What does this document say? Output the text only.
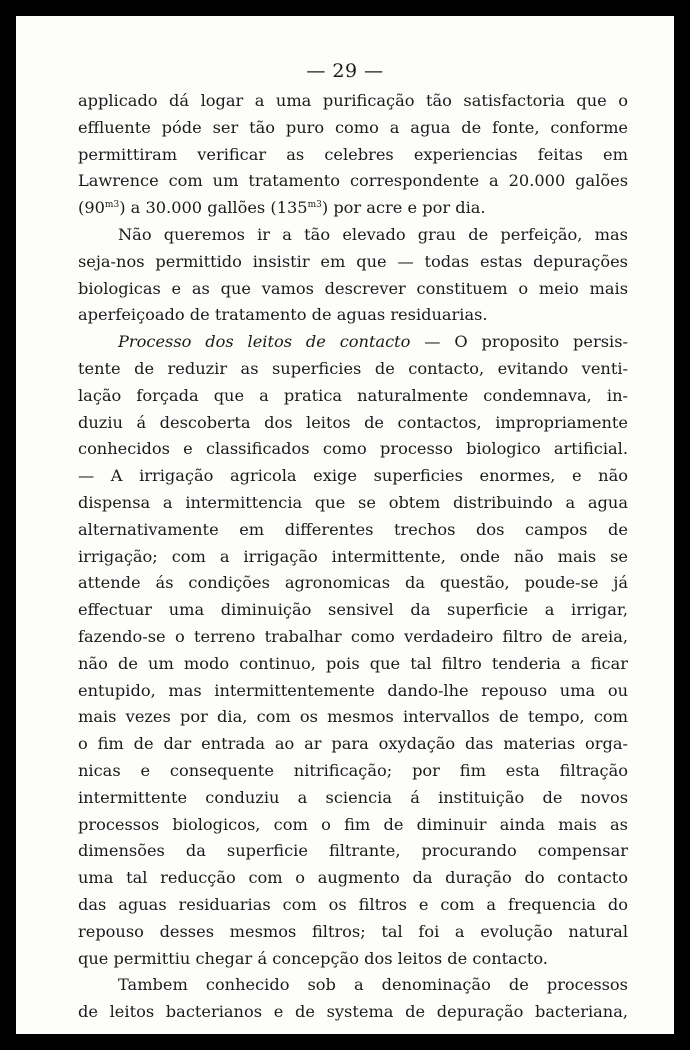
— 29 —
applicado dá logar a uma purificação tão satisfactoria que o
effluente póde ser tão puro como a agua de fonte, conforme
permittiram verificar as celebres experiencias feitas em
Lawrence com um tratamento correspondente a 20.000 galões
$(90^{m3})$ a 30.000 gallões $(135^{m3})$ por acre e por dia.
Não queremos ir a tão elevado grau de perfeição, mas
seja-nos permittido insistir em que — todas estas depurações
biologicas e as que vamos descrever constituem o meio mais
aperfeiçoado de tratamento de aguas residuarias.
Processo dos leitos de contacto — O proposito persis-
tente de reduzir as superficies de contacto, evitando venti-
lação forçada que a pratica naturalmente condemnava, in-
duziu á descoberta dos leitos de contactos, impropriamente
conhecidos e classificados como processo biologico artificial.
— A irrigação agricola exige superficies enormes, e não
dispensa a intermittencia que se obtem distribuindo a agua
alternativamente em differentes trechos dos campos de
irrigação; com a irrigação intermittente, onde não mais se
attende ás condições agronomicas da questão, poude-se já
effectuar uma diminuição sensivel da superficie a irrigar,
fazendo-se o terreno trabalhar como verdadeiro filtro de areia,
não de um modo continuo, pois que tal filtro tenderia a ficar
entupido, mas intermittentemente dando-lhe repouso uma ou
mais vezes por dia, com os mesmos intervallos de tempo, com
o fim de dar entrada ao ar para oxydação das materias orga-
nicas e consequente nitrificação; por fim esta filtração
intermittente conduziu a sciencia á instituição de novos
processos biologicos, com o fim de diminuir ainda mais as
dimensões da superficie filtrante, procurando compensar
uma tal reducção com o augmento da duração do contacto
das aguas residuarias com os filtros e com a frequencia do
repouso desses mesmos filtros; tal foi a evolução natural
que permittiu chegar á concepção dos leitos de contacto.
Tambem conhecido sob a denominação de processos
de leitos bacterianos e de systema de depuração bacteriana,
